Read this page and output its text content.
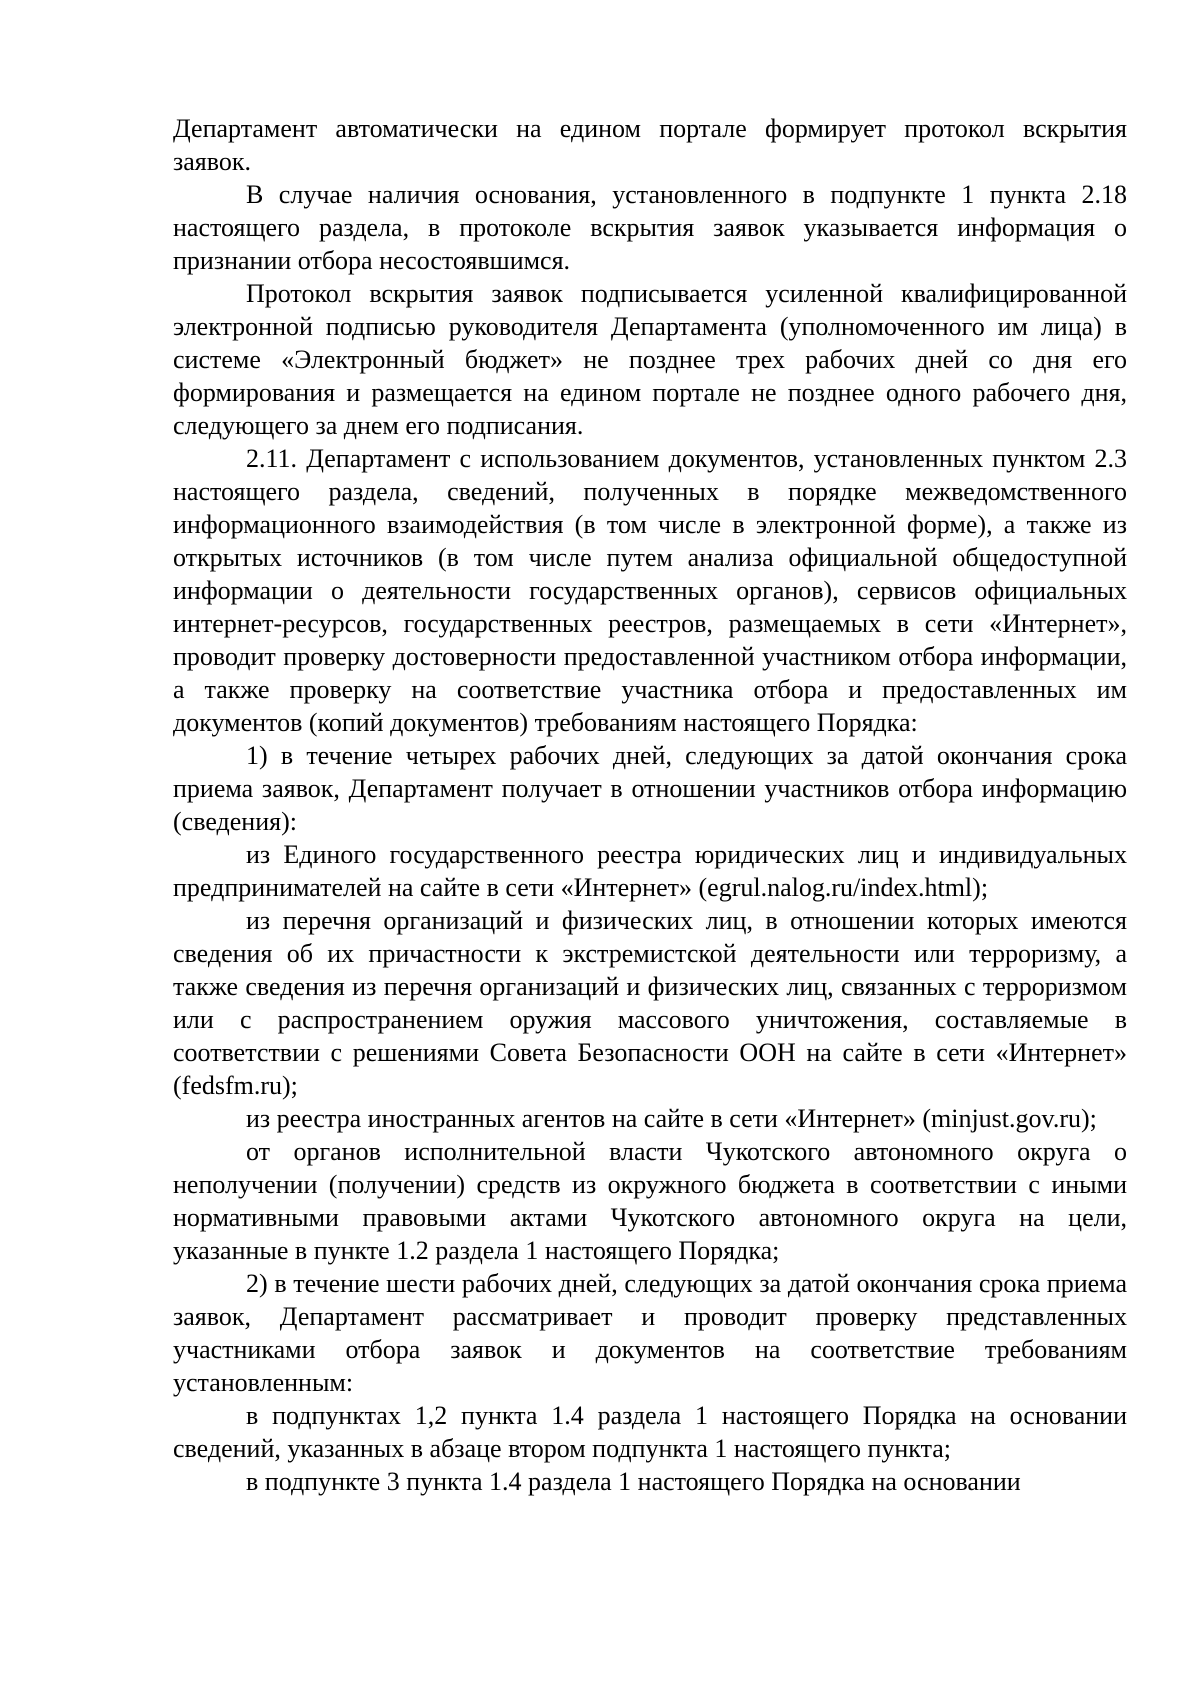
Департамент автоматически на едином портале формирует протокол вскрытия заявок.

В случае наличия основания, установленного в подпункте 1 пункта 2.18 настоящего раздела, в протоколе вскрытия заявок указывается информация о признании отбора несостоявшимся.

Протокол вскрытия заявок подписывается усиленной квалифицированной электронной подписью руководителя Департамента (уполномоченного им лица) в системе «Электронный бюджет» не позднее трех рабочих дней со дня его формирования и размещается на едином портале не позднее одного рабочего дня, следующего за днем его подписания.

2.11. Департамент с использованием документов, установленных пунктом 2.3 настоящего раздела, сведений, полученных в порядке межведомственного информационного взаимодействия (в том числе в электронной форме), а также из открытых источников (в том числе путем анализа официальной общедоступной информации о деятельности государственных органов), сервисов официальных интернет-ресурсов, государственных реестров, размещаемых в сети «Интернет», проводит проверку достоверности предоставленной участником отбора информации, а также проверку на соответствие участника отбора и предоставленных им документов (копий документов) требованиям настоящего Порядка:

1) в течение четырех рабочих дней, следующих за датой окончания срока приема заявок, Департамент получает в отношении участников отбора информацию (сведения):

из Единого государственного реестра юридических лиц и индивидуальных предпринимателей на сайте в сети «Интернет» (egrul.nalog.ru/index.html);

из перечня организаций и физических лиц, в отношении которых имеются сведения об их причастности к экстремистской деятельности или терроризму, а также сведения из перечня организаций и физических лиц, связанных с терроризмом или с распространением оружия массового уничтожения, составляемые в соответствии с решениями Совета Безопасности ООН на сайте в сети «Интернет» (fedsfm.ru);

из реестра иностранных агентов на сайте в сети «Интернет» (minjust.gov.ru);

от органов исполнительной власти Чукотского автономного округа о неполучении (получении) средств из окружного бюджета в соответствии с иными нормативными правовыми актами Чукотского автономного округа на цели, указанные в пункте 1.2 раздела 1 настоящего Порядка;

2) в течение шести рабочих дней, следующих за датой окончания срока приема заявок, Департамент рассматривает и проводит проверку представленных участниками отбора заявок и документов на соответствие требованиям установленным:

в подпунктах 1,2 пункта 1.4 раздела 1 настоящего Порядка на основании сведений, указанных в абзаце втором подпункта 1 настоящего пункта;

в подпункте 3 пункта 1.4 раздела 1 настоящего Порядка на основании
